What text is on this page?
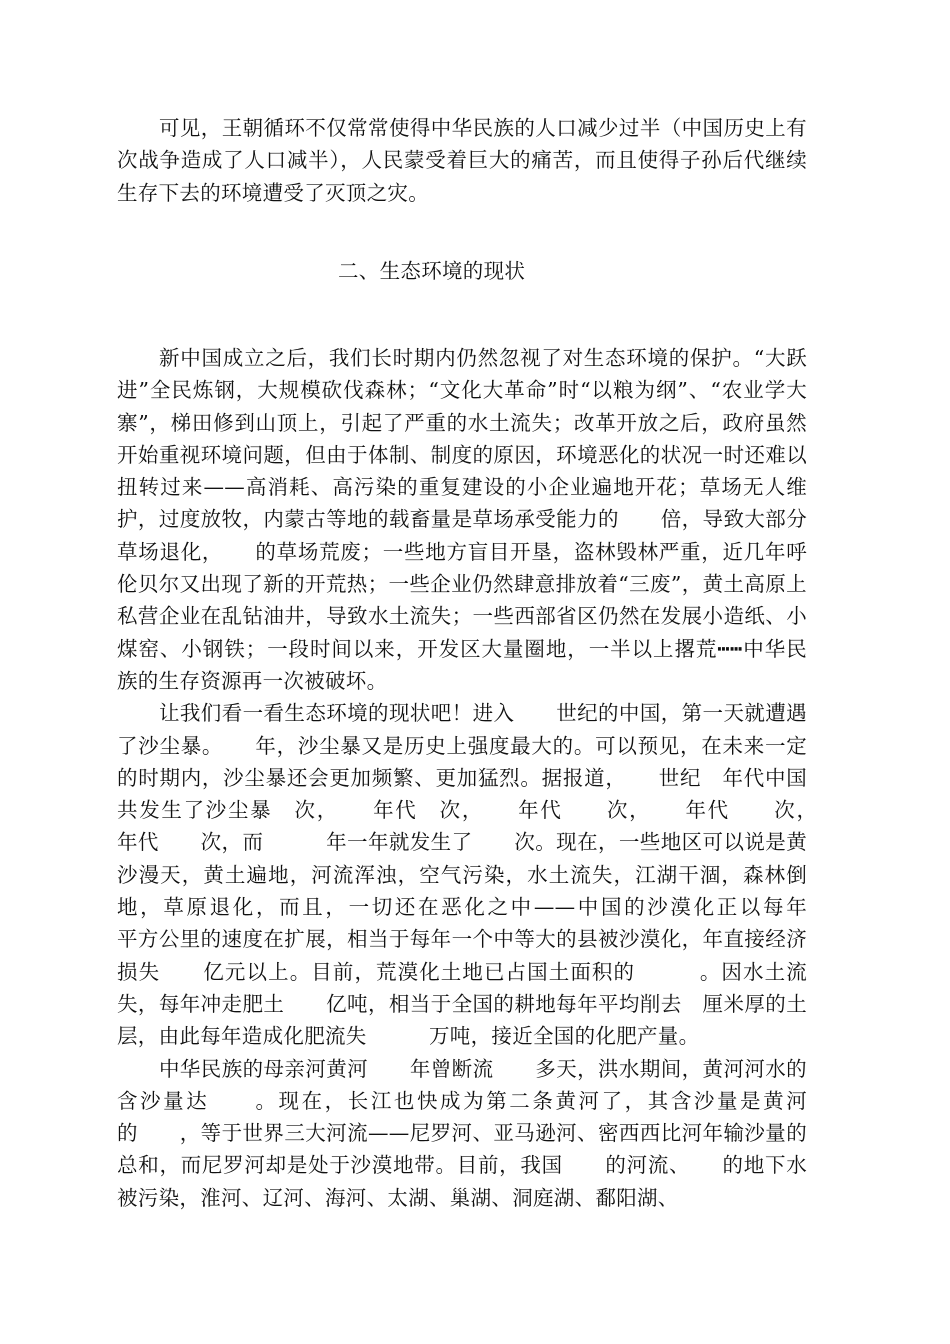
可见，王朝循环不仅常常使得中华民族的人口减少过半（中国历史上有　　次战争造成了人口减半），人民蒙受着巨大的痛苦，而且使得子孙后代继续生存下去的环境遭受了灭顶之灾。

二、生态环境的现状

新中国成立之后，我们长时期内仍然忽视了对生态环境的保护。“大跃进”全民炼钢，大规模砍伐森林；“文化大革命”时“以粮为纲”、“农业学大寨”，梯田修到山顶上，引起了严重的水土流失；改革开放之后，政府虽然开始重视环境问题，但由于体制、制度的原因，环境恶化的状况一时还难以扭转过来——高消耗、高污染的重复建设的小企业遍地开花；草场无人维护，过度放牧，内蒙古等地的载畜量是草场承受能力的　　倍，导致大部分草场退化，　　的草场荒废；一些地方盲目开垦，盗林毁林严重，近几年呼伦贝尔又出现了新的开荒热；一些企业仍然肆意排放着“三废”，黄土高原上私营企业在乱钻油井，导致水土流失；一些西部省区仍然在发展小造纸、小煤窑、小钢铁；一段时间以来，开发区大量圈地，一半以上撂荒┅┅中华民族的生存资源再一次被破坏。

让我们看一看生态环境的现状吧！进入　　世纪的中国，第一天就遭遇了沙尘暴。　　年，沙尘暴又是历史上强度最大的。可以预见，在未来一定的时期内，沙尘暴还会更加频繁、更加猛烈。据报道，　　世纪　年代中国共发生了沙尘暴　次，　　年代　次，　　年代　　次，　　年代　　次，　　年代　　次，而　　　年一年就发生了　　次。现在，一些地区可以说是黄沙漫天，黄土遍地，河流浑浊，空气污染，水土流失，江湖干涸，森林倒地，草原退化，而且，一切还在恶化之中——中国的沙漠化正以每年　　　平方公里的速度在扩展，相当于每年一个中等大的县被沙漠化，年直接经济损失　　亿元以上。目前，荒漠化土地已占国土面积的　　　。因水土流失，每年冲走肥土　　亿吨，相当于全国的耕地每年平均削去　厘米厚的土层，由此每年造成化肥流失　　　万吨，接近全国的化肥产量。

中华民族的母亲河黄河　　年曾断流　　多天，洪水期间，黄河河水的含沙量达　　。现在，长江也快成为第二条黄河了，其含沙量是黄河的　　，等于世界三大河流——尼罗河、亚马逊河、密西西比河年输沙量的总和，而尼罗河却是处于沙漠地带。目前，我国　　的河流、　　的地下水被污染，淮河、辽河、海河、太湖、巢湖、洞庭湖、鄱阳湖、
